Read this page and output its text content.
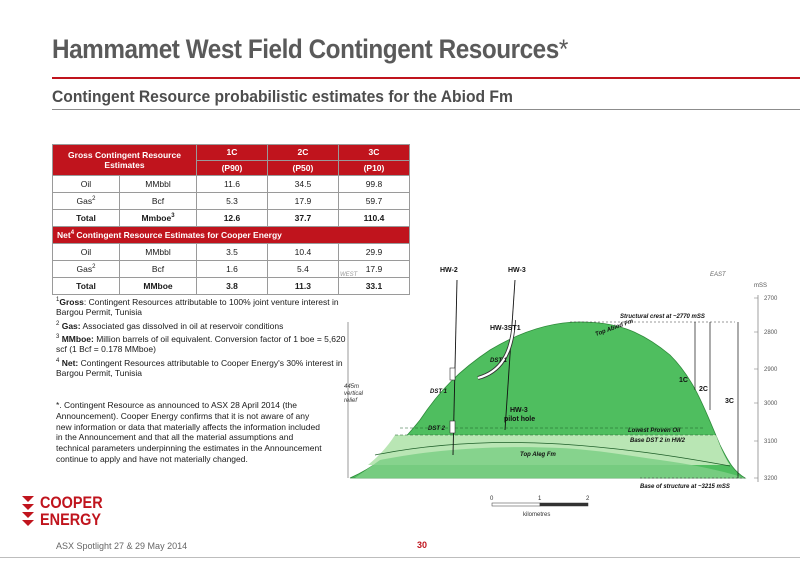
Hammamet West Field Contingent Resources*
Contingent Resource probabilistic estimates for the Abiod Fm
Gross Contingent Resource Estimates		1C	2C	3C
		(P90)	(P50)	(P10)
Oil	MMbbl	11.6	34.5	99.8
Gas$^2$	Bcf	5.3	17.9	59.7
Total	Mmboe$^3$	12.6	37.7	110.4
Net$^4$ Contingent Resource Estimates for Cooper Energy				
Oil	MMbbl	3.5	10.4	29.9
Gas$^2$	Bcf	1.6	5.4	17.9
Total	MMboe	3.8	11.3	33.1

$^1$Gross: Contingent Resources attributable to 100% joint venture interest in Bargou Permit, Tunisia

$^2$ Gas: Associated gas dissolved in oil at reservoir conditions

$^3$ MMboe: Million barrels of oil equivalent. Conversion factor of 1 boe = 5,620 scf (1 Bcf = 0.178 MMboe)

$^4$ Net: Contingent Resources attributable to Cooper Energy's 30% interest in Bargou Permit, Tunisia

*. Contingent Resource as announced to ASX 28 April 2014 (the Announcement). Cooper Energy confirms that it is not aware of any new information or data that materially affects the information included in the Announcement and that all the material assumptions and technical parameters underpinning the estimates in the Announcement continue to apply and have not materially changed.
mSS
2700
2800
2900
3000
3100
3200
WEST	EAST
445m
vertical
relief
HW-2	HW-3
HW-3ST1
1C
2C
3C
Top Abiod Fm
Structural crest at ~2770 mSS
DST 1
DST 1
DST 2	Lowest Proven Oil
Base DST 2 in HW2
Top Aleg Fm
Base of structure at ~3215 mSS
HW-3
pilot hole
0	1	2
kilometres
COOPER
ENERGY
ASX Spotlight 27 & 29 May 2014	30
